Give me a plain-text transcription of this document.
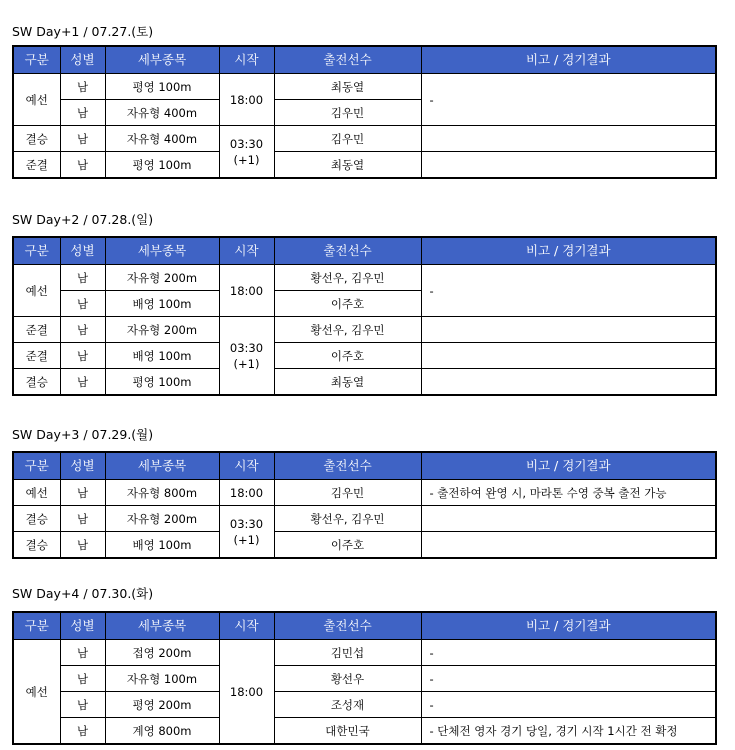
SW Day+1 / 07.27.(토)
구분	성별	세부종목	시작	출전선수	비고 / 경기결과
예선	남	평영 100m	18:00	최동열	-
	남	자유형 400m		김우민	
결승	남	자유형 400m	03:30 (+1)	김우민	
준결	남	평영 100m		최동열	
SW Day+2 / 07.28.(일)
구분	성별	세부종목	시작	출전선수	비고 / 경기결과
예선	남	자유형 200m	18:00	황선우, 김우민	-
	남	배영 100m		이주호	
준결	남	자유형 200m	03:30 (+1)	황선우, 김우민	
준결	남	배영 100m		이주호	
결승	남	평영 100m		최동열	
SW Day+3 / 07.29.(월)
구분	성별	세부종목	시작	출전선수	비고 / 경기결과
예선	남	자유형 800m	18:00	김우민	- 출전하여 완영 시, 마라톤 수영 중복 출전 가능
결승	남	자유형 200m	03:30 (+1)	황선우, 김우민	
결승	남	배영 100m		이주호	
SW Day+4 / 07.30.(화)
구분	성별	세부종목	시작	출전선수	비고 / 경기결과
예선	남	접영 200m	18:00	김민섭	-
	남	자유형 100m		황선우	-
	남	평영 200m		조성재	-
	남	계영 800m		대한민국	- 단체전 영자 경기 당일, 경기 시작 1시간 전 확정
